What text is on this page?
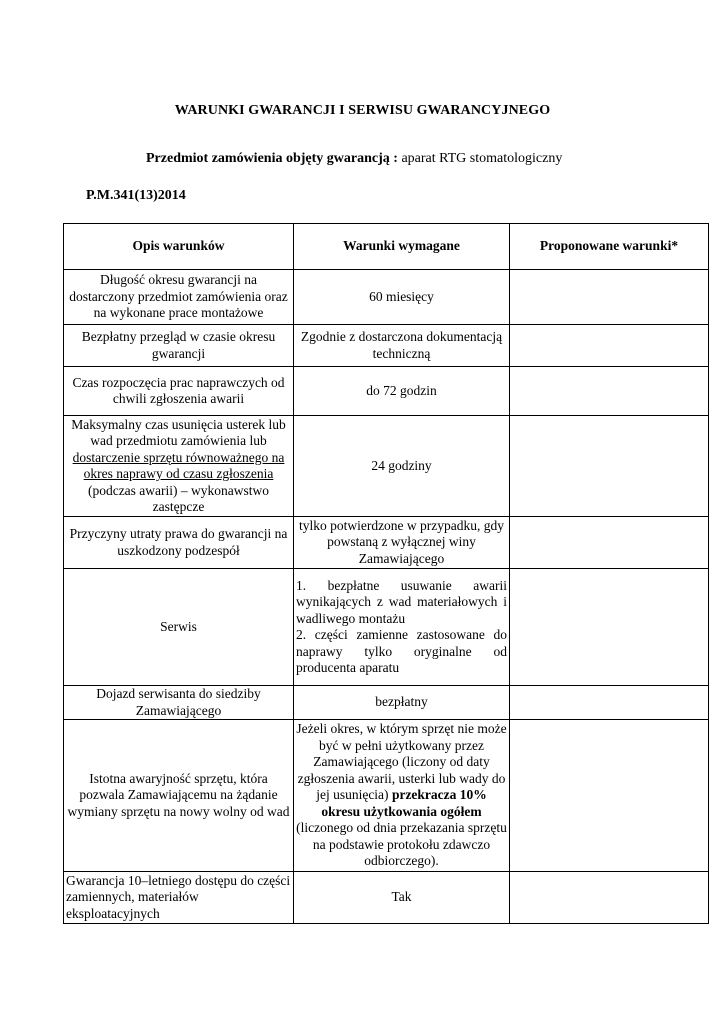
WARUNKI GWARANCJI I SERWISU GWARANCYJNEGO
Przedmiot zamówienia objęty gwarancją : aparat RTG stomatologiczny
P.M.341(13)2014
Opis warunków	Warunki wymagane	Proponowane warunki*
Długość okresu gwarancji na dostarczony przedmiot zamówienia oraz na wykonane prace montażowe	60 miesięcy	
Bezpłatny przegląd w czasie okresu gwarancji	Zgodnie z dostarczona dokumentacją techniczną	
Czas rozpoczęcia prac naprawczych od chwili zgłoszenia awarii	do 72 godzin	
Maksymalny czas usunięcia usterek lub wad przedmiotu zamówienia lub dostarczenie sprzętu równoważnego na okres naprawy od czasu zgłoszenia (podczas awarii) – wykonawstwo zastępcze	24 godziny	
Przyczyny utraty prawa do gwarancji na uszkodzony podzespół	tylko potwierdzone w przypadku, gdy powstaną z wyłącznej winy Zamawiającego	
Serwis	1. bezpłatne usuwanie awarii wynikających z wad materiałowych i wadliwego montażu
2. części zamienne zastosowane do naprawy tylko oryginalne od producenta aparatu	

Dojazd serwisanta do siedziby Zamawiającego	bezpłatny	
Istotna awaryjność sprzętu, która pozwala Zamawiającemu na żądanie wymiany sprzętu na nowy wolny od wad	Jeżeli okres, w którym sprzęt nie może być w pełni użytkowany przez Zamawiającego (liczony od daty zgłoszenia awarii, usterki lub wady do jej usunięcia) przekracza 10% okresu użytkowania ogółem (liczonego od dnia przekazania sprzętu na podstawie protokołu zdawczo odbiorczego).	
Gwarancja 10–letniego dostępu do części zamiennych, materiałów eksploatacyjnych	Tak	
